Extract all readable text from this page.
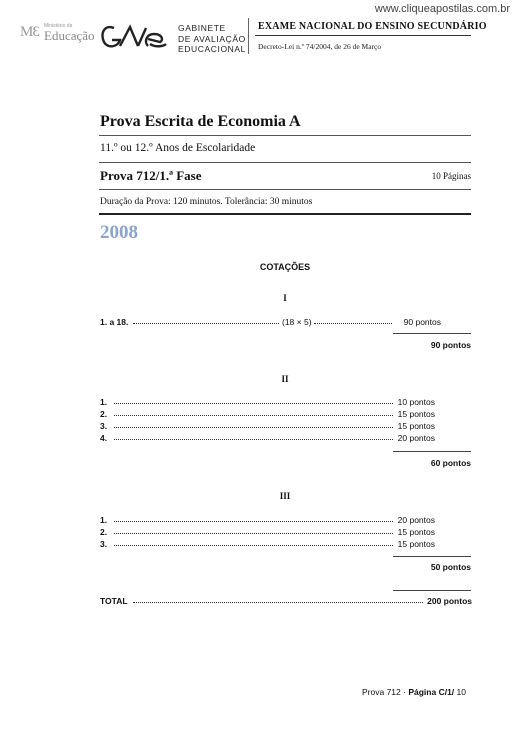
www.cliqueapostilas.com.br
MƐ Ministério da
Educação	GABINETE
DE AVALIAÇÃO
EDUCACIONAL
EXAME NACIONAL DO ENSINO SECUNDÁRIO
Decreto-Lei n.º 74/2004, de 26 de Março
Prova Escrita de Economia A
11.º ou 12.º Anos de Escolaridade
Prova 712/1.ª Fase	10 Páginas
Duração da Prova: 120 minutos. Tolerância: 30 minutos
2008
COTAÇÕES
I
1. a 18.	(18 × 5)	90 pontos
90 pontos
II
1.	10 pontos
2.	15 pontos
3.	15 pontos
4.	20 pontos
60 pontos
III
1.	20 pontos
2.	15 pontos
3.	15 pontos
50 pontos
TOTAL	200 pontos
Prova 712 · Página C/1/ 10
